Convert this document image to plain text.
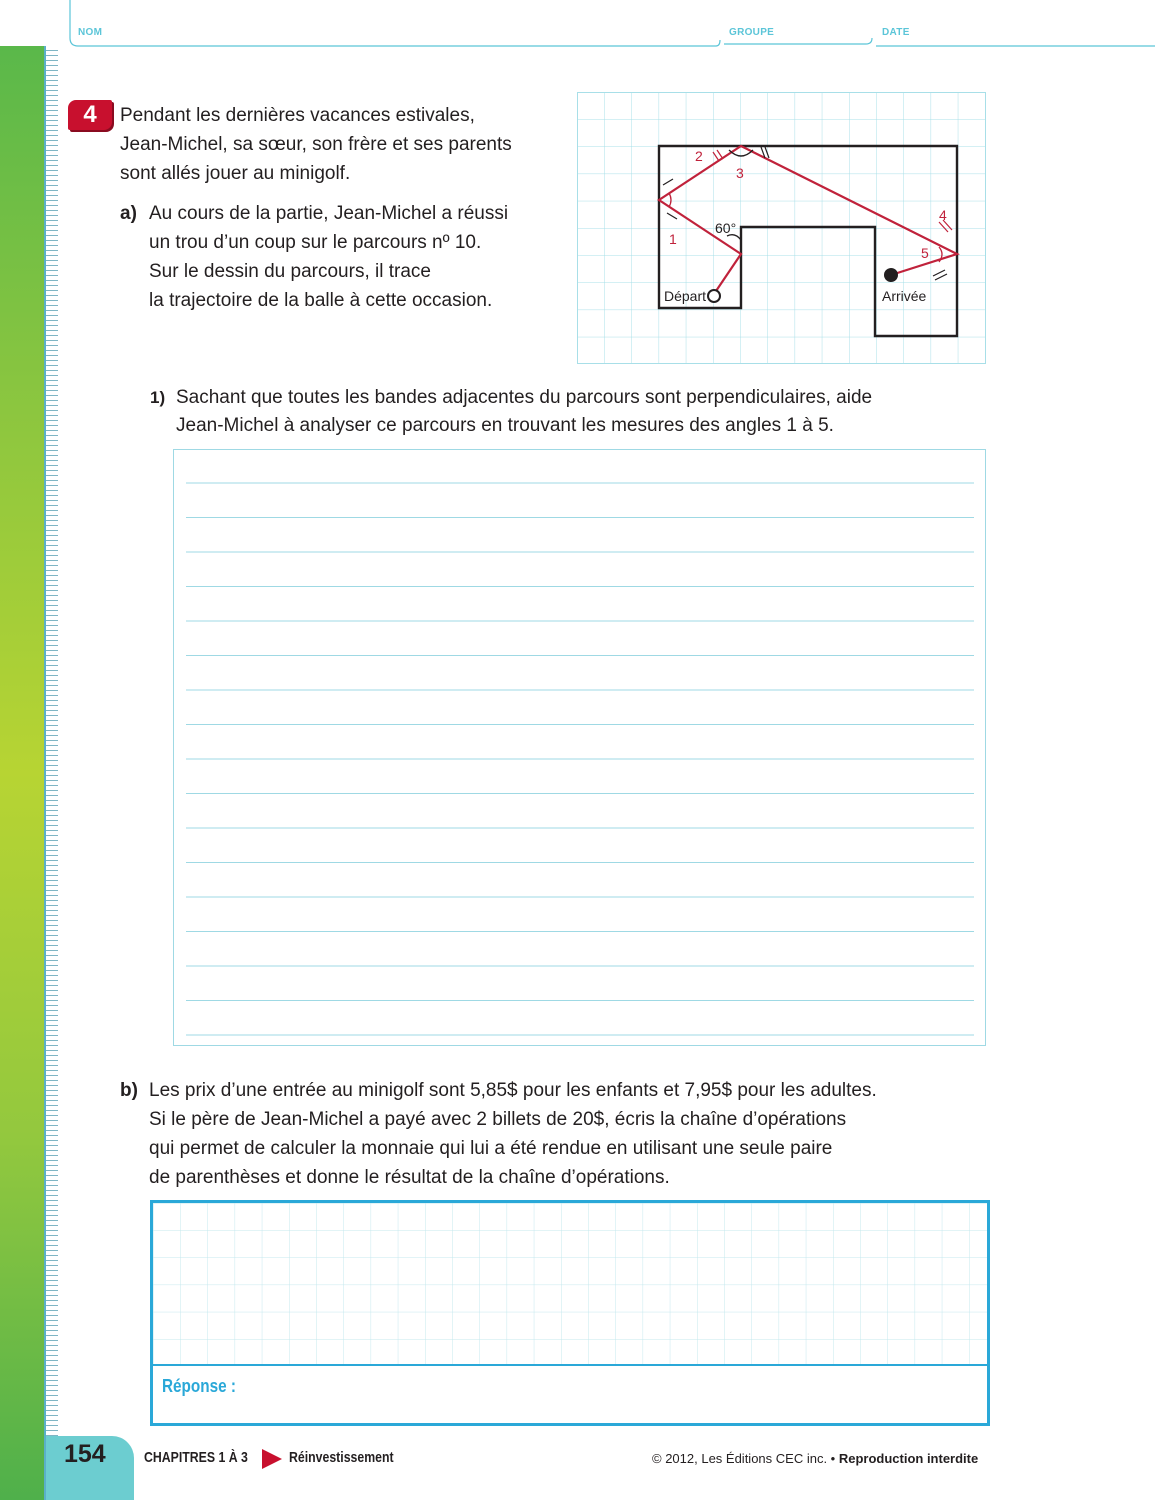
NOM	GROUPE	DATE
4	Pendant les dernières vacances estivales,
Jean-Michel, sa sœur, son frère et ses parents
sont allés jouer au minigolf.
a) Au cours de la partie, Jean-Michel a réussi
un trou d’un coup sur le parcours nº 10.
Sur le dessin du parcours, il trace
la trajectoire de la balle à cette occasion.
1
2
3
4
5
60°
Départ	Arrivée
1) Sachant que toutes les bandes adjacentes du parcours sont perpendiculaires, aide
Jean-Michel à analyser ce parcours en trouvant les mesures des angles 1 à 5.
b) Les prix d’une entrée au minigolf sont 5,85$ pour les enfants et 7,95$ pour les adultes.
Si le père de Jean-Michel a payé avec 2 billets de 20$, écris la chaîne d’opérations
qui permet de calculer la monnaie qui lui a été rendue en utilisant une seule paire
de parenthèses et donne le résultat de la chaîne d’opérations.
Réponse :
154	CHAPITRES 1 À 3	Réinvestissement	© 2012, Les Éditions CEC inc. • Reproduction interdite
